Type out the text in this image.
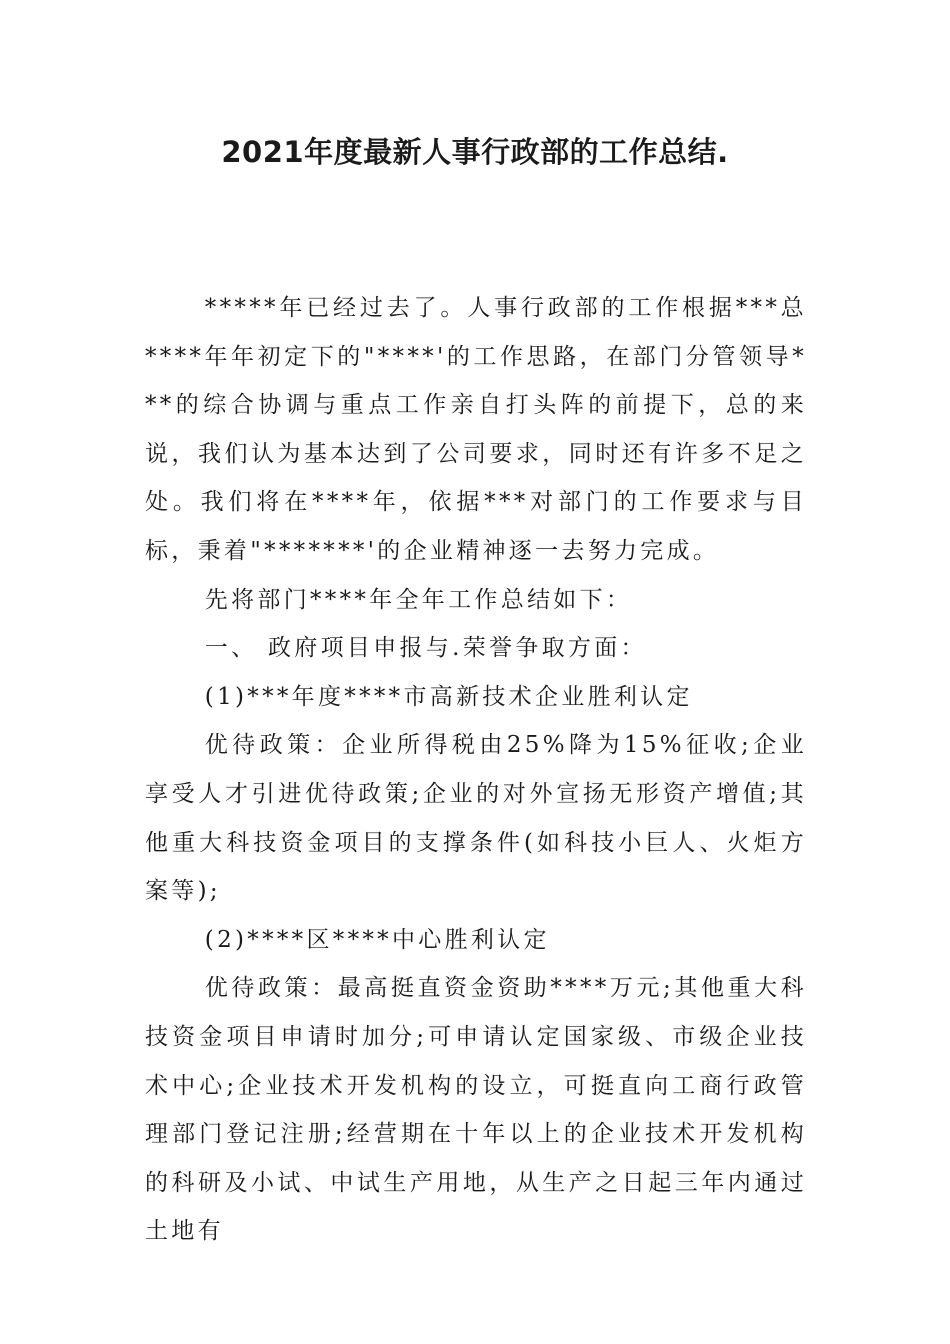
2021年度最新人事行政部的工作总结.

*****年已经过去了。人事行政部的工作根据***总****年年初定下的"****'的工作思路，在部门分管领导***的综合协调与重点工作亲自打头阵的前提下，总的来说，我们认为基本达到了公司要求，同时还有许多不足之处。我们将在****年，依据***对部门的工作要求与目标，秉着"*******'的企业精神逐一去努力完成。

先将部门****年全年工作总结如下：

一、 政府项目申报与.荣誉争取方面：

(1)***年度****市高新技术企业胜利认定

优待政策：企业所得税由25%降为15%征收;企业享受人才引进优待政策;企业的对外宣扬无形资产增值;其他重大科技资金项目的支撑条件(如科技小巨人、火炬方案等);

(2)****区****中心胜利认定

优待政策：最高挺直资金资助****万元;其他重大科技资金项目申请时加分;可申请认定国家级、市级企业技术中心;企业技术开发机构的设立，可挺直向工商行政管理部门登记注册;经营期在十年以上的企业技术开发机构的科研及小试、中试生产用地，从生产之日起三年内通过土地有
